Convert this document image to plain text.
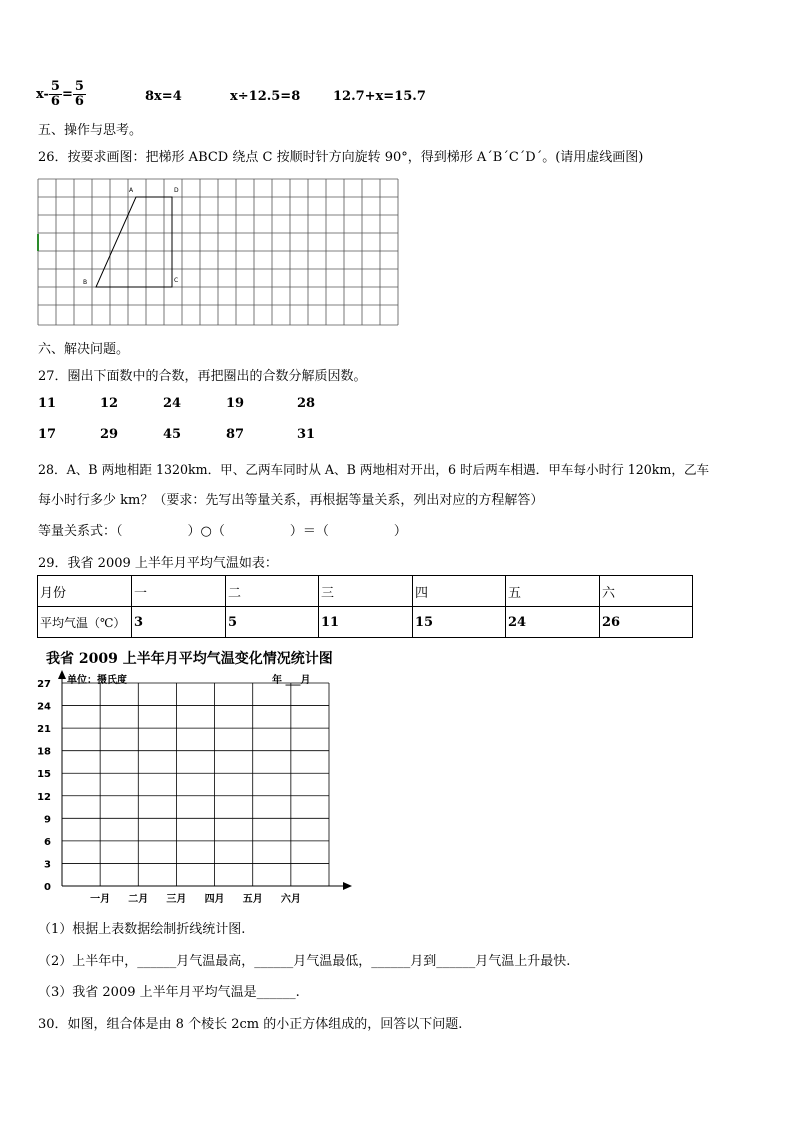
$x- \frac{5}{6} = \frac{5}{6}$	8x=4	x÷12.5=8	12.7+x=15.7
五、操作与思考。
26．按要求画图：把梯形 ABCD 绕点 C 按顺时针方向旋转 90°，得到梯形 A´B´C´D´。(请用虚线画图)
A	D
B	C
六、解决问题。
27．圈出下面数中的合数，再把圈出的合数分解质因数。
11	12	24	19	28
17	29	45	87	31
28．A、B 两地相距 1320km．甲、乙两车同时从 A、B 两地相对开出，6 时后两车相遇．甲车每小时行 120km，乙车
每小时行多少 km？（要求：先写出等量关系，再根据等量关系，列出对应的方程解答）
等量关系式：（　　　　　）○（　　　　　）＝（　　　　　）
29．我省 2009 上半年月平均气温如表：
月份	一	二	三	四	五	六
平均气温（℃）	3	5	11	15	24	26
我省 2009 上半年月平均气温变化情况统计图
单位：摄氏度	年 ___月
27
24
21
18
15
12
9
6
3
0
一月 二月 三月 四月 五月 六月
（1）根据上表数据绘制折线统计图.
（2）上半年中，______月气温最高，______月气温最低，______月到______月气温上升最快.
（3）我省 2009 上半年月平均气温是______.
30．如图，组合体是由 8 个棱长 2cm 的小正方体组成的，回答以下问题.
